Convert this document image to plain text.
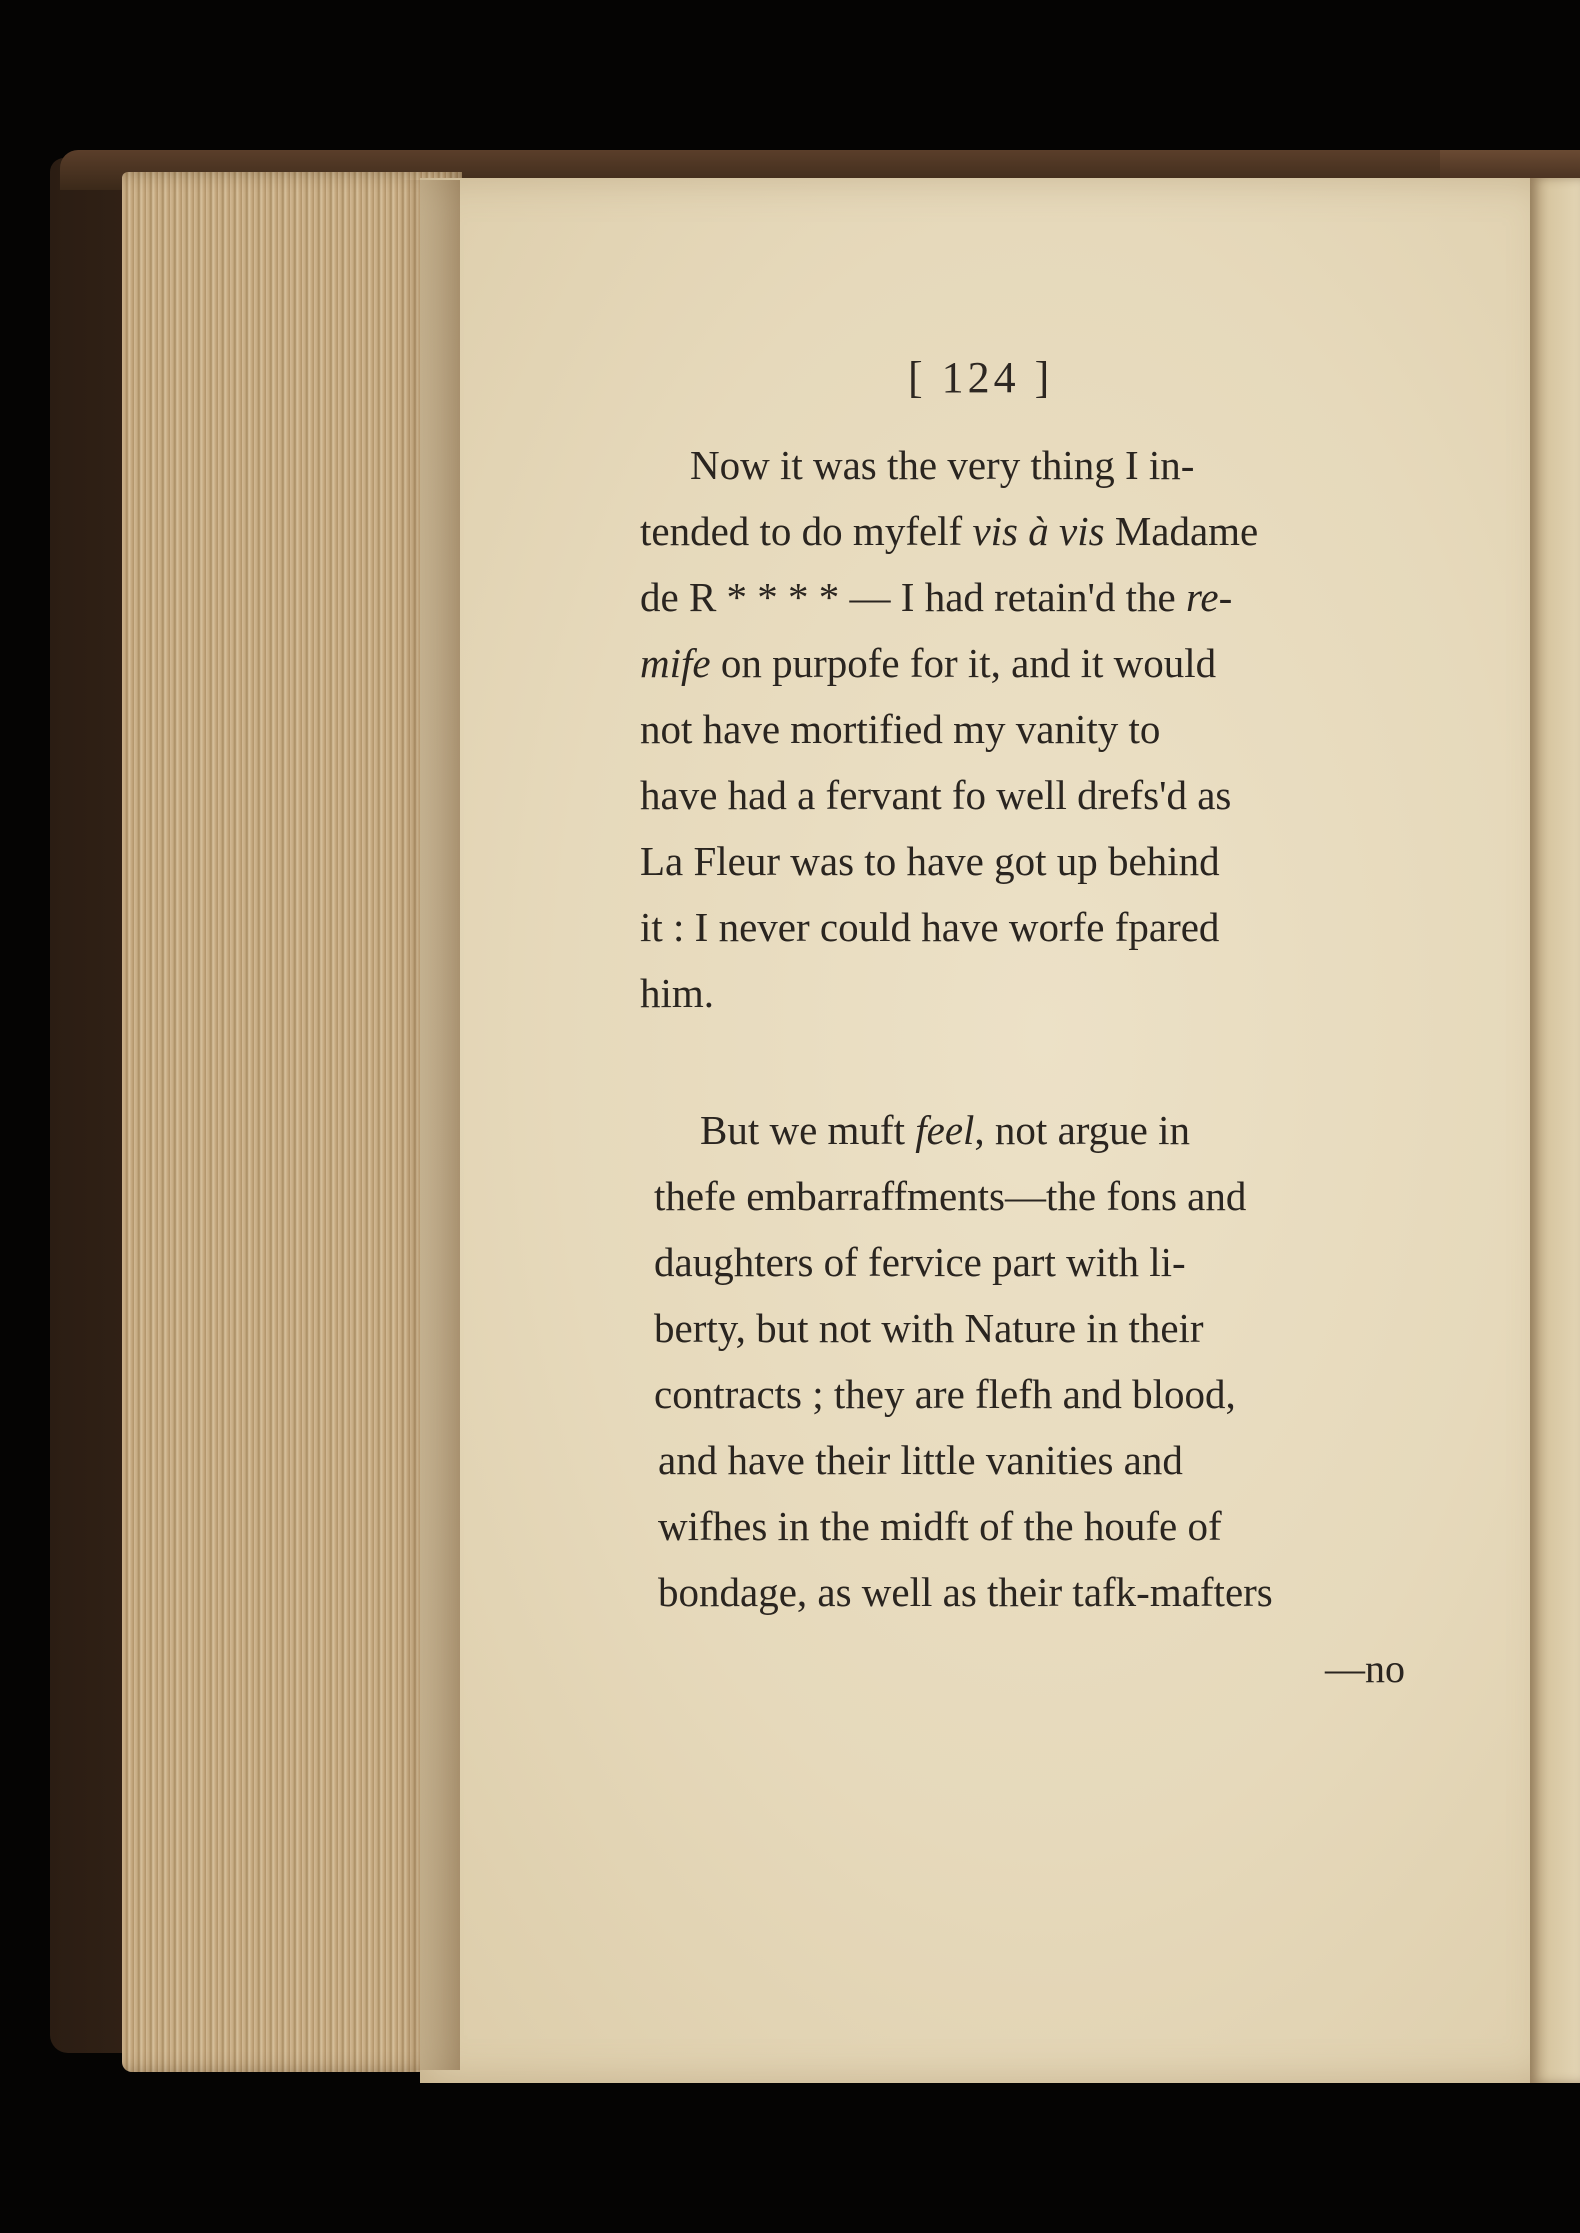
[ 124 ]
Now it was the very thing I in-
tended to do myfelf vis à vis Madame
de R * * * * — I had retain'd the re-
mife on purpofe for it, and it would
not have mortified my vanity to
have had a fervant fo well drefs'd as
La Fleur was to have got up behind
it : I never could have worfe fpared
him.
But we muft feel, not argue in
thefe embarraffments—the fons and
daughters of fervice part with li-
berty, but not with Nature in their
contracts ; they are flefh and blood,
and have their little vanities and
wifhes in the midft of the houfe of
bondage, as well as their tafk-mafters
—no
